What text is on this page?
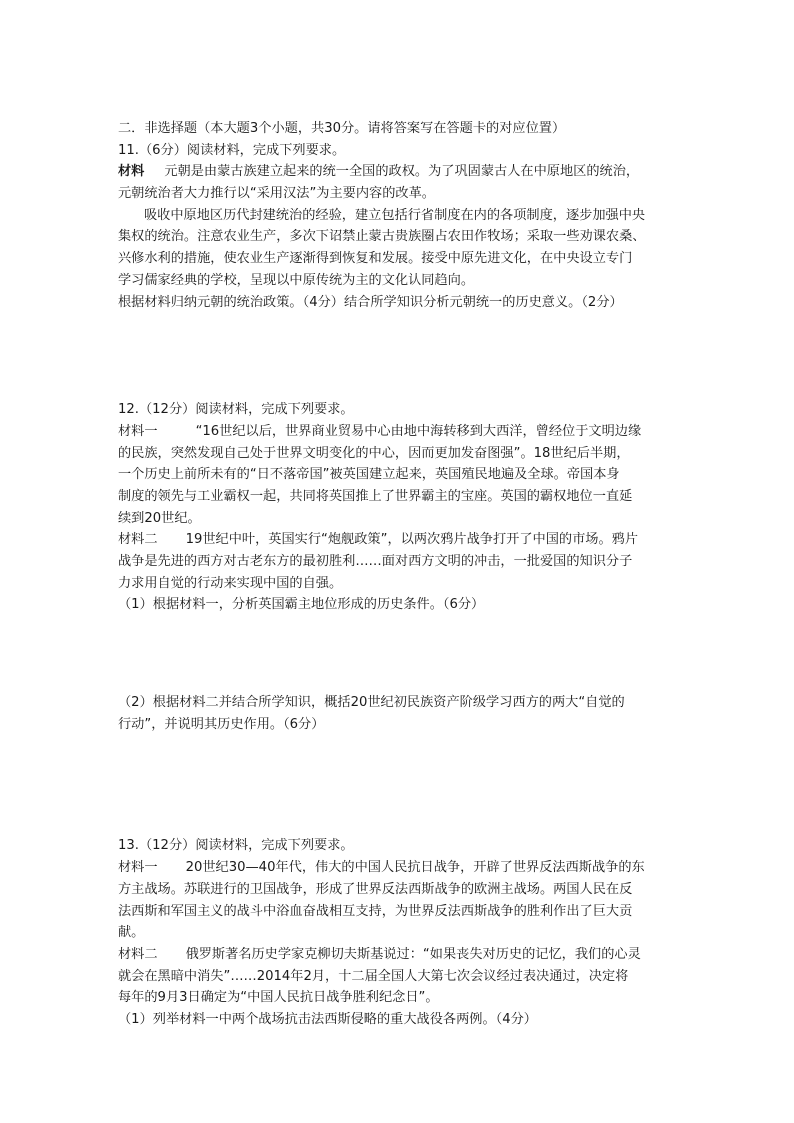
二．非选择题（本大题3个小题，共30分。请将答案写在答题卡的对应位置）
11.（6分）阅读材料，完成下列要求。
材料 元朝是由蒙古族建立起来的统一全国的政权。为了巩固蒙古人在中原地区的统治，
元朝统治者大力推行以“采用汉法”为主要内容的改革。
吸收中原地区历代封建统治的经验，建立包括行省制度在内的各项制度，逐步加强中央
集权的统治。注意农业生产，多次下诏禁止蒙古贵族圈占农田作牧场；采取一些劝课农桑、
兴修水利的措施，使农业生产逐渐得到恢复和发展。接受中原先进文化，在中央设立专门
学习儒家经典的学校，呈现以中原传统为主的文化认同趋向。
根据材料归纳元朝的统治政策。（4分）结合所学知识分析元朝统一的历史意义。（2分）
12.（12分）阅读材料，完成下列要求。
材料一	“16世纪以后，世界商业贸易中心由地中海转移到大西洋，曾经位于文明边缘
的民族，突然发现自己处于世界文明变化的中心，因而更加发奋图强”。18世纪后半期，
一个历史上前所未有的“日不落帝国”被英国建立起来，英国殖民地遍及全球。帝国本身
制度的领先与工业霸权一起，共同将英国推上了世界霸主的宝座。英国的霸权地位一直延
续到20世纪。
材料二 19世纪中叶，英国实行“炮舰政策”，以两次鸦片战争打开了中国的市场。鸦片
战争是先进的西方对古老东方的最初胜利……面对西方文明的冲击，一批爱国的知识分子
力求用自觉的行动来实现中国的自强。
（1）根据材料一，分析英国霸主地位形成的历史条件。（6分）
（2）根据材料二并结合所学知识，概括20世纪初民族资产阶级学习西方的两大“自觉的
行动”，并说明其历史作用。（6分）
13.（12分）阅读材料，完成下列要求。
材料一 20世纪30—40年代，伟大的中国人民抗日战争，开辟了世界反法西斯战争的东
方主战场。苏联进行的卫国战争，形成了世界反法西斯战争的欧洲主战场。两国人民在反
法西斯和军国主义的战斗中浴血奋战相互支持，为世界反法西斯战争的胜利作出了巨大贡
献。
材料二 俄罗斯著名历史学家克柳切夫斯基说过：“如果丧失对历史的记忆，我们的心灵
就会在黑暗中消失”……2014年2月，十二届全国人大第七次会议经过表决通过，决定将
每年的9月3日确定为“中国人民抗日战争胜利纪念日”。
（1）列举材料一中两个战场抗击法西斯侵略的重大战役各两例。（4分）
